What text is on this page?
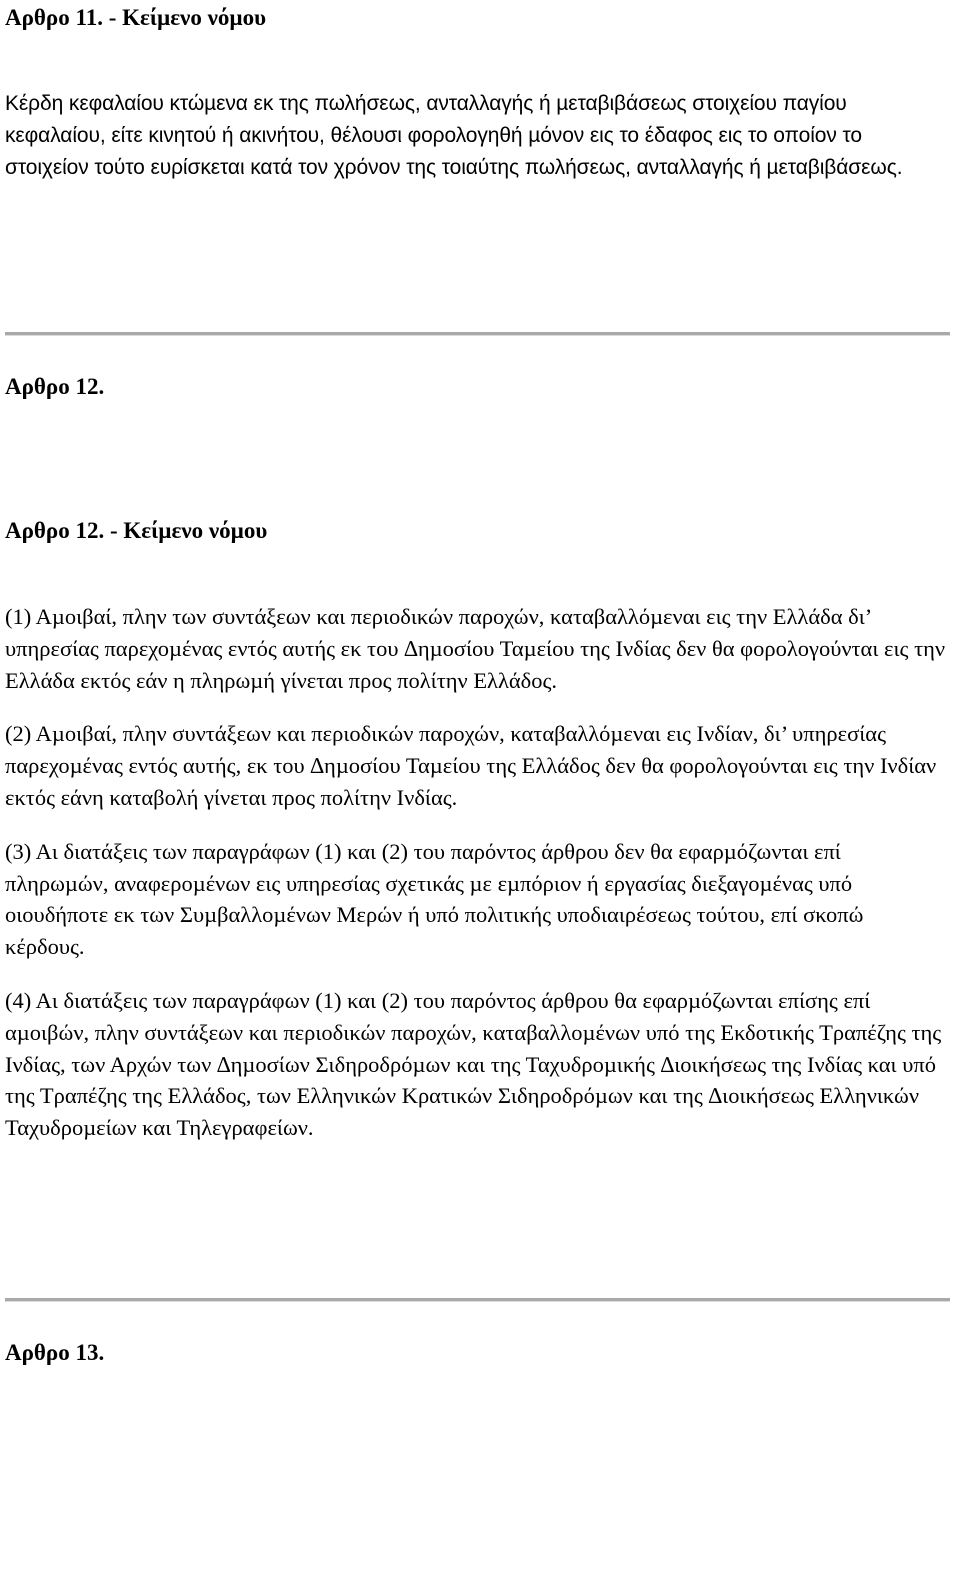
Αρθρο 11. - Κείµενο νόµου

Κέρδη κεφαλαίου κτώµενα εκ της πωλήσεως, ανταλλαγής ή µεταβιβάσεως στοιχείου παγίου κεφαλαίου, είτε κινητού ή ακινήτου, θέλουσι φορολογηθή µόνον εις το έδαφος εις το οποίον το στοιχείον τούτο ευρίσκεται κατά τον χρόνον της τοιαύτης πωλήσεως, ανταλλαγής ή µεταβιβάσεως.

Αρθρο 12.
Αρθρο 12. - Κείµενο νόµου

(1) Αµοιβαί, πλην των συντάξεων και περιοδικών παροχών, καταβαλλόµεναι εις την Ελλάδα δι’ υπηρεσίας παρεχοµένας εντός αυτής εκ του ∆ηµοσίου Ταµείου της Ινδίας δεν θα φορολογούνται εις την Ελλάδα εκτός εάν η πληρωµή γίνεται προς πολίτην Ελλάδος.

(2) Αµοιβαί, πλην συντάξεων και περιοδικών παροχών, καταβαλλόµεναι εις Ινδίαν, δι’ υπηρεσίας παρεχοµένας εντός αυτής, εκ του ∆ηµοσίου Ταµείου της Ελλάδος δεν θα φορολογούνται εις την Ινδίαν εκτός εάνη καταβολή γίνεται προς πολίτην Ινδίας.

(3) Αι διατάξεις των παραγράφων (1) και (2) του παρόντος άρθρου δεν θα εφαρµόζωνται επί πληρωµών, αναφεροµένων εις υπηρεσίας σχετικάς µε εµπόριον ή εργασίας διεξαγοµένας υπό οιουδήποτε εκ των Συµβαλλοµένων Μερών ή υπό πολιτικής υποδιαιρέσεως τούτου, επί σκοπώ κέρδους.

(4) Αι διατάξεις των παραγράφων (1) και (2) του παρόντος άρθρου θα εφαρµόζωνται επίσης επί αµοιβών, πλην συντάξεων και περιοδικών παροχών, καταβαλλοµένων υπό της Εκδοτικής Τραπέζης της Ινδίας, των Αρχών των ∆ηµοσίων Σιδηροδρόµων και της Ταχυδροµικής ∆ιοικήσεως της Ινδίας και υπό της Τραπέζης της Ελλάδος, των Ελληνικών Κρατικών Σιδηροδρόµων και της ∆ιοικήσεως Ελληνικών Ταχυδροµείων και Τηλεγραφείων.

Αρθρο 13.
